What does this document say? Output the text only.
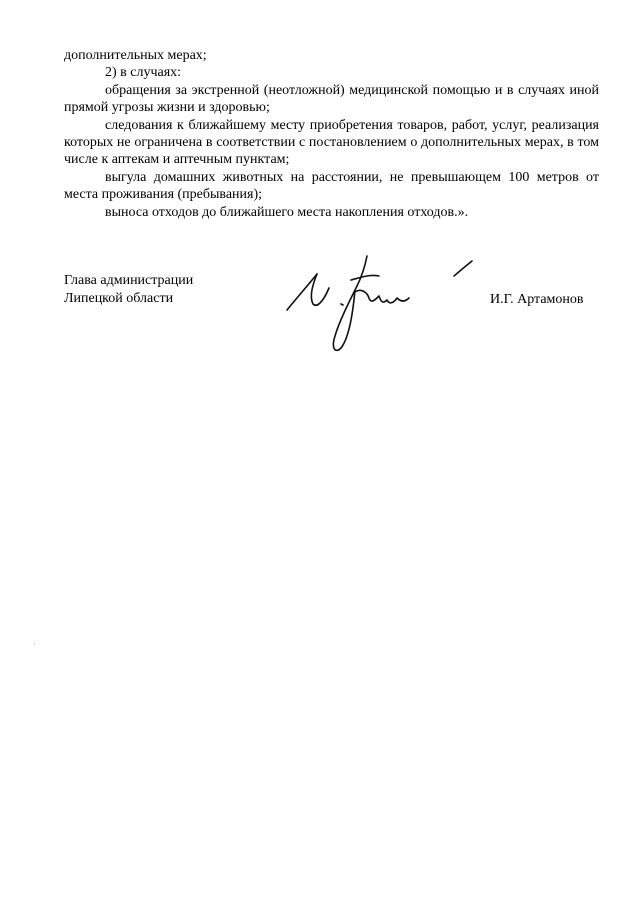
дополнительных мерах;

2) в случаях:

обращения за экстренной (неотложной) медицинской помощью и в случаях иной прямой угрозы жизни и здоровью;

следования к ближайшему месту приобретения товаров, работ, услуг, реализация которых не ограничена в соответствии с постановлением о дополнительных мерах, в том числе к аптекам и аптечным пунктам;

выгула домашних животных на расстоянии, не превышающем 100 метров от места проживания (пребывания);

выноса отходов до ближайшего места накопления отходов.».

Глава администрации
Липецкой области	И.Г. Артамонов
